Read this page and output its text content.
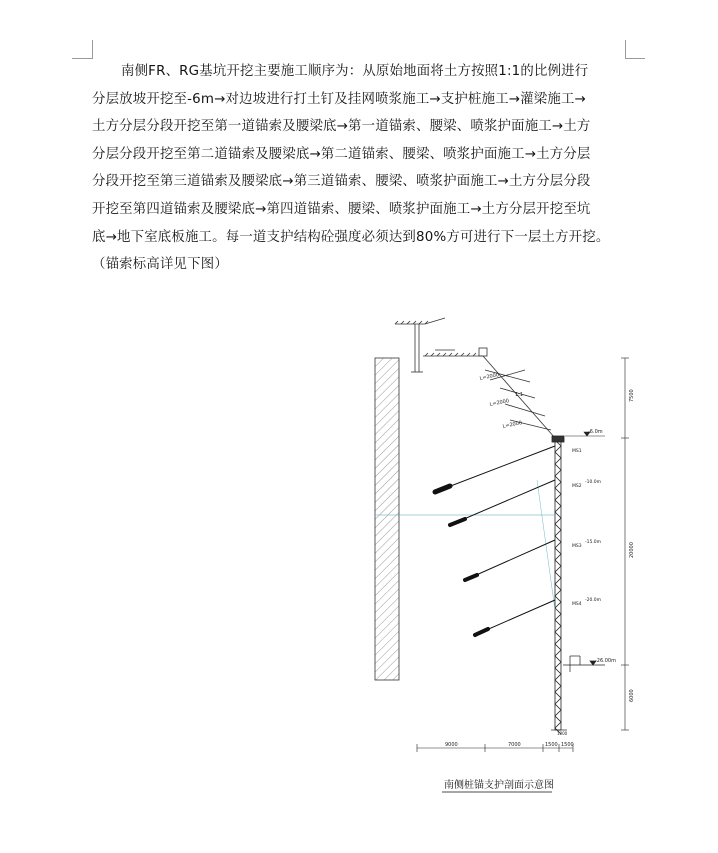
南侧FR、RG基坑开挖主要施工顺序为：从原始地面将土方按照1:1的比例进行

分层放坡开挖至-6m→对边坡进行打土钉及挂网喷浆施工→支护桩施工→灌梁施工→

土方分层分段开挖至第一道锚索及腰梁底→第一道锚索、腰梁、喷浆护面施工→土方

分层分段开挖至第二道锚索及腰梁底→第二道锚索、腰梁、喷浆护面施工→土方分层

分段开挖至第三道锚索及腰梁底→第三道锚索、腰梁、喷浆护面施工→土方分层分段

开挖至第四道锚索及腰梁底→第四道锚索、腰梁、喷浆护面施工→土方分层开挖至坑

底→地下室底板施工。每一道支护结构砼强度必须达到80%方可进行下一层土方开挖。

（锚索标高详见下图）

L=2000
L=2000
L=2000
1:1
MS1
MS2
-10.0m
MS3
-15.0m
MS4
-20.0m
-6.0m
-26.00m
1000
7500
20000
6000
9000	7000	1500 1500
南侧桩锚支护剖面示意图
